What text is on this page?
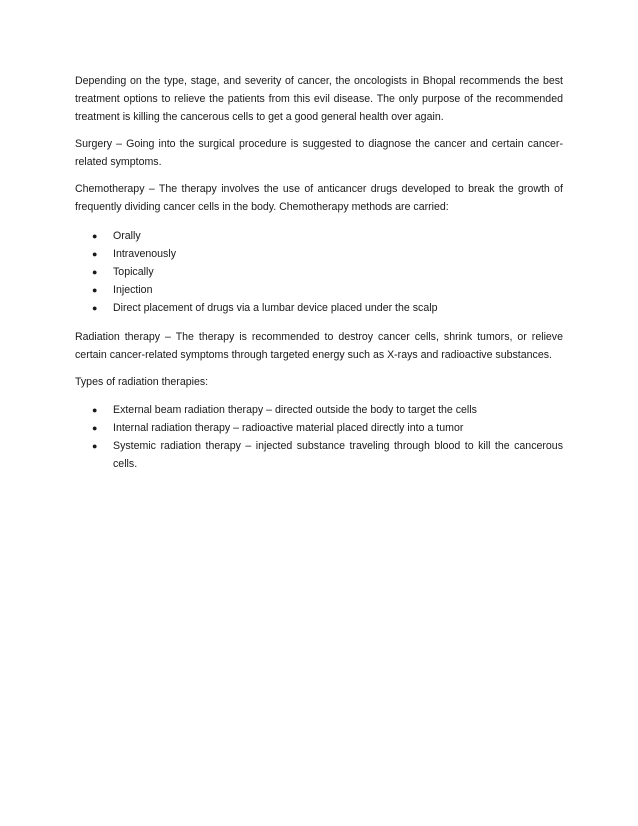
Depending on the type, stage, and severity of cancer, the oncologists in Bhopal recommends the best treatment options to relieve the patients from this evil disease. The only purpose of the recommended treatment is killing the cancerous cells to get a good general health over again.

Surgery – Going into the surgical procedure is suggested to diagnose the cancer and certain cancer-related symptoms.

Chemotherapy – The therapy involves the use of anticancer drugs developed to break the growth of frequently dividing cancer cells in the body. Chemotherapy methods are carried:

●	Orally
●	Intravenously
●	Topically
●	Injection
●	Direct placement of drugs via a lumbar device placed under the scalp

Radiation therapy – The therapy is recommended to destroy cancer cells, shrink tumors, or relieve certain cancer-related symptoms through targeted energy such as X-rays and radioactive substances.

Types of radiation therapies:

●	External beam radiation therapy – directed outside the body to target the cells
●	Internal radiation therapy – radioactive material placed directly into a tumor
●	Systemic radiation therapy – injected substance traveling through blood to kill the cancerous cells.
